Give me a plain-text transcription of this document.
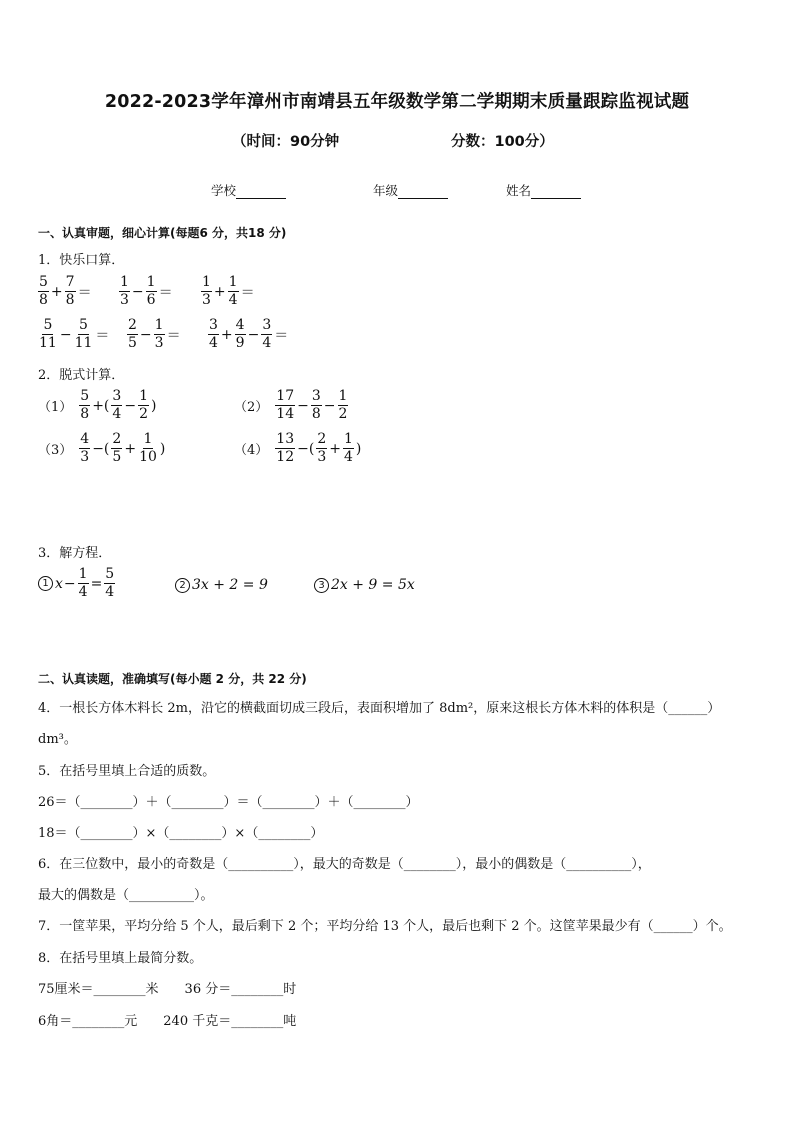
2022-2023学年漳州市南靖县五年级数学第二学期期末质量跟踪监视试题
（时间：90分钟	分数：100分）
学校	年级	姓名
一、认真审题，细心计算(每题6 分，共18 分)
1．快乐口算．
$\frac{5}{8} + \frac{7}{8} = \frac{1}{3} - \frac{1}{6} = \frac{1}{3} + \frac{1}{4}$ ＝
$\frac{5}{11} - \frac{5}{11} = \frac{2}{5} - \frac{1}{3} = \frac{3}{4} + \frac{4}{9} - \frac{3}{4}$ ＝
2．脱式计算．
$(1) \frac{5}{8}$ +( $\frac{3}{4} - \frac{1}{2}$ )	$(2) \frac{17}{14} - \frac{3}{8} - \frac{1}{2}$
$(3) \frac{4}{3}$ −( $\frac{2}{5} + \frac{1}{10}$ )	$(4) \frac{13}{12}$ −( $\frac{2}{3} + \frac{1}{4}$ )
3．解方程．
1 $x - \frac{1}{4} = \frac{5}{4}$	2 3x + 2 = 9	3 2x + 9 = 5x
二、认真读题，准确填写(每小题 2 分，共 22 分)
4．一根长方体木料长 2m，沿它的横截面切成三段后，表面积增加了 8dm²，原来这根长方体木料的体积是（______）
dm³。
5．在括号里填上合适的质数。
26＝（________）＋（________）＝（________）＋（________）
18＝（________）×（________）×（________）
6．在三位数中，最小的奇数是（__________），最大的奇数是（________），最小的偶数是（__________），
最大的偶数是（__________）。
7．一筐苹果，平均分给 5 个人，最后剩下 2 个；平均分给 13 个人，最后也剩下 2 个。这筐苹果最少有（______）个。
8．在括号里填上最简分数。
75厘米＝________米　　36 分＝________时
6角＝________元　　240 千克＝________吨
